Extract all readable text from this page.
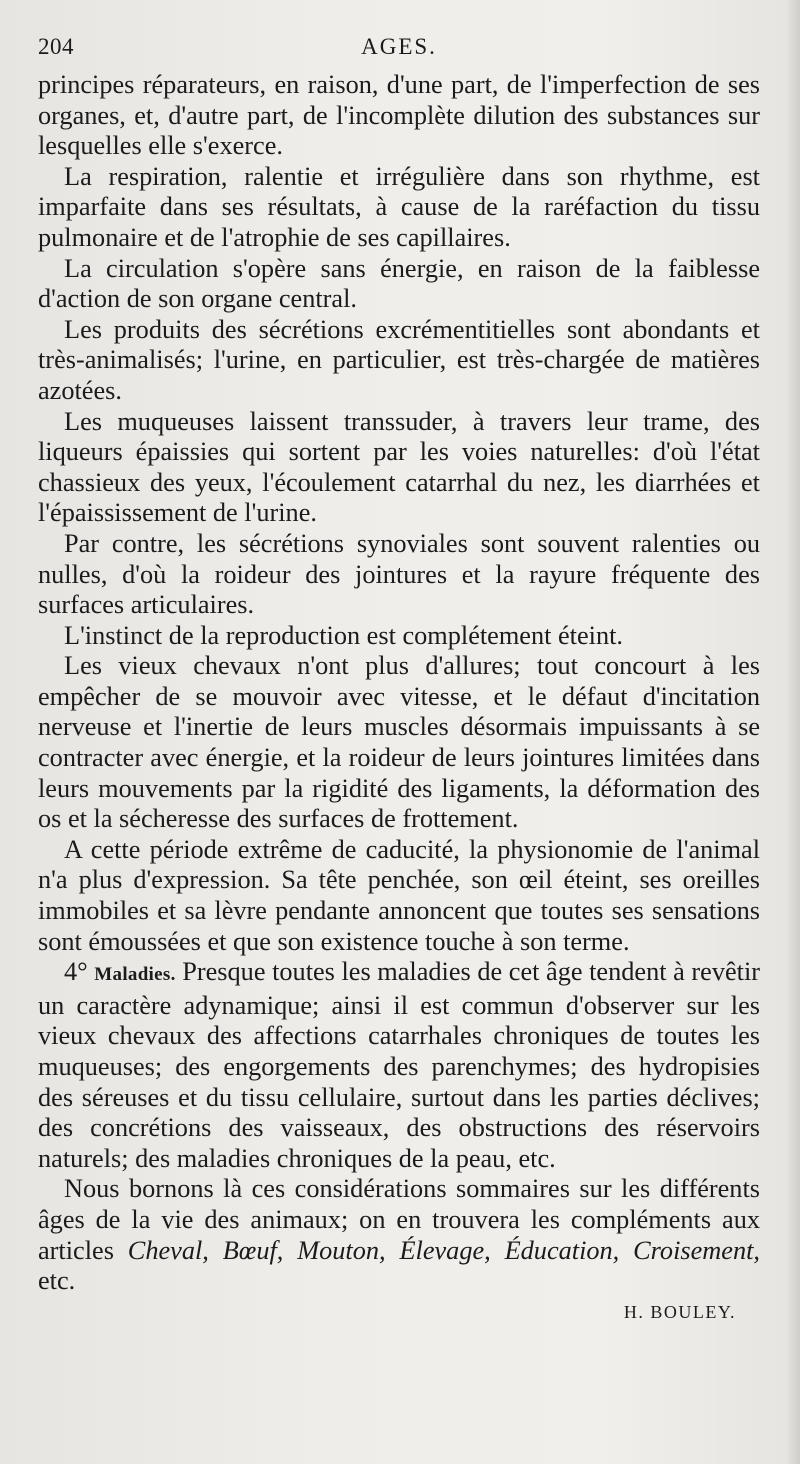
204	AGES.

principes réparateurs, en raison, d'une part, de l'imperfection de ses organes, et, d'autre part, de l'incomplète dilution des substances sur lesquelles elle s'exerce.

La respiration, ralentie et irrégulière dans son rhythme, est imparfaite dans ses résultats, à cause de la raréfaction du tissu pulmonaire et de l'atrophie de ses capillaires.

La circulation s'opère sans énergie, en raison de la faiblesse d'action de son organe central.

Les produits des sécrétions excrémentitielles sont abondants et très-animalisés; l'urine, en particulier, est très-chargée de matières azotées.

Les muqueuses laissent transsuder, à travers leur trame, des liqueurs épaissies qui sortent par les voies naturelles: d'où l'état chassieux des yeux, l'écoulement catarrhal du nez, les diarrhées et l'épaississement de l'urine.

Par contre, les sécrétions synoviales sont souvent ralenties ou nulles, d'où la roideur des jointures et la rayure fréquente des surfaces articulaires.

L'instinct de la reproduction est complétement éteint.

Les vieux chevaux n'ont plus d'allures; tout concourt à les empêcher de se mouvoir avec vitesse, et le défaut d'incitation nerveuse et l'inertie de leurs muscles désormais impuissants à se contracter avec énergie, et la roideur de leurs jointures limitées dans leurs mouvements par la rigidité des ligaments, la déformation des os et la sécheresse des surfaces de frottement.

A cette période extrême de caducité, la physionomie de l'animal n'a plus d'expression. Sa tête penchée, son œil éteint, ses oreilles immobiles et sa lèvre pendante annoncent que toutes ses sensations sont émoussées et que son existence touche à son terme.

4° Maladies. Presque toutes les maladies de cet âge tendent à revêtir un caractère adynamique; ainsi il est commun d'observer sur les vieux chevaux des affections catarrhales chroniques de toutes les muqueuses; des engorgements des parenchymes; des hydropisies des séreuses et du tissu cellulaire, surtout dans les parties déclives; des concrétions des vaisseaux, des obstructions des réservoirs naturels; des maladies chroniques de la peau, etc.

Nous bornons là ces considérations sommaires sur les différents âges de la vie des animaux; on en trouvera les compléments aux articles Cheval, Bœuf, Mouton, Élevage, Éducation, Croisement, etc.

H. BOULEY.
